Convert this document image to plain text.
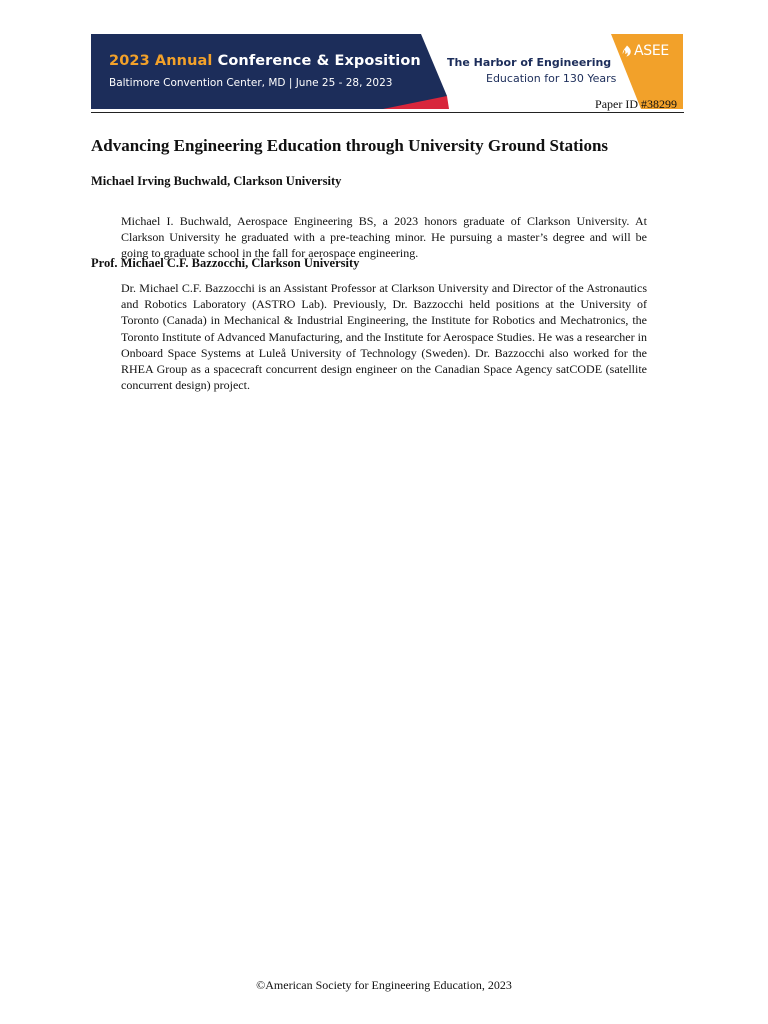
2023 Annual Conference & Exposition
Baltimore Convention Center, MD | June 25 - 28, 2023
The Harbor of Engineering
Education for 130 Years
ASEE
Paper ID #38299
Advancing Engineering Education through University Ground Stations
Michael Irving Buchwald, Clarkson University

Michael I. Buchwald, Aerospace Engineering BS, a 2023 honors graduate of Clarkson University. At Clarkson University he graduated with a pre-teaching minor. He pursuing a master’s degree and will be going to graduate school in the fall for aerospace engineering.

Prof. Michael C.F. Bazzocchi, Clarkson University

Dr. Michael C.F. Bazzocchi is an Assistant Professor at Clarkson University and Director of the Astronautics and Robotics Laboratory (ASTRO Lab). Previously, Dr. Bazzocchi held positions at the University of Toronto (Canada) in Mechanical & Industrial Engineering, the Institute for Robotics and Mechatronics, the Toronto Institute of Advanced Manufacturing, and the Institute for Aerospace Studies. He was a researcher in Onboard Space Systems at Luleå University of Technology (Sweden). Dr. Bazzocchi also worked for the RHEA Group as a spacecraft concurrent design engineer on the Canadian Space Agency satCODE (satellite concurrent design) project.

©American Society for Engineering Education, 2023
